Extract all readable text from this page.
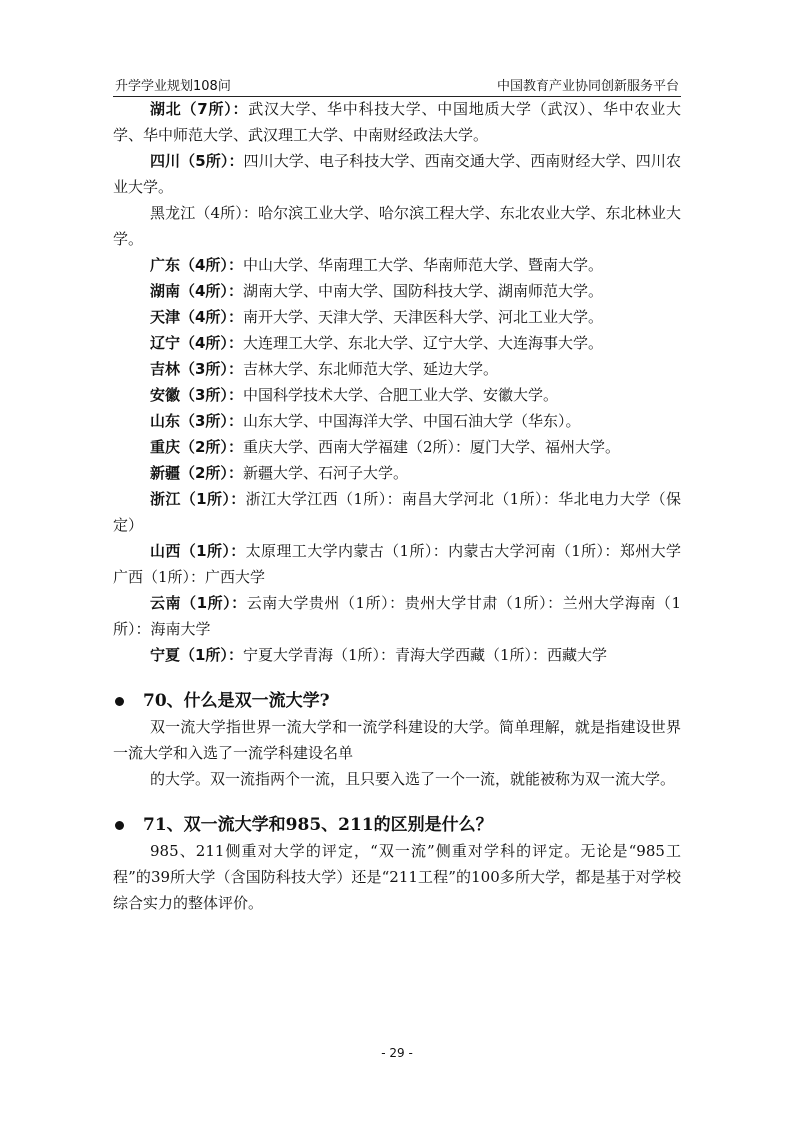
升学学业规划108问	中国教育产业协同创新服务平台

湖北（7所）：武汉大学、华中科技大学、中国地质大学（武汉）、华中农业大学、华中师范大学、武汉理工大学、中南财经政法大学。

四川（5所）：四川大学、电子科技大学、西南交通大学、西南财经大学、四川农业大学。

黑龙江（4所）：哈尔滨工业大学、哈尔滨工程大学、东北农业大学、东北林业大学。

广东（4所）：中山大学、华南理工大学、华南师范大学、暨南大学。

湖南（4所）：湖南大学、中南大学、国防科技大学、湖南师范大学。

天津（4所）：南开大学、天津大学、天津医科大学、河北工业大学。

辽宁（4所）：大连理工大学、东北大学、辽宁大学、大连海事大学。

吉林（3所）：吉林大学、东北师范大学、延边大学。

安徽（3所）：中国科学技术大学、合肥工业大学、安徽大学。

山东（3所）：山东大学、中国海洋大学、中国石油大学（华东）。

重庆（2所）：重庆大学、西南大学福建（2所）：厦门大学、福州大学。

新疆（2所）：新疆大学、石河子大学。

浙江（1所）：浙江大学江西（1所）：南昌大学河北（1所）：华北电力大学（保定）

山西（1所）：太原理工大学内蒙古（1所）：内蒙古大学河南（1所）：郑州大学广西（1所）：广西大学

云南（1所）：云南大学贵州（1所）：贵州大学甘肃（1所）：兰州大学海南（1所）：海南大学

宁夏（1所）：宁夏大学青海（1所）：青海大学西藏（1所）：西藏大学

70、什么是双一流大学?

双一流大学指世界一流大学和一流学科建设的大学。简单理解，就是指建设世界一流大学和入选了一流学科建设名单

的大学。双一流指两个一流，且只要入选了一个一流，就能被称为双一流大学。

71、双一流大学和985、211的区别是什么？

985、211侧重对大学的评定，“双一流”侧重对学科的评定。无论是“985工程”的39所大学（含国防科技大学）还是“211工程”的100多所大学，都是基于对学校综合实力的整体评价。

- 29 -
